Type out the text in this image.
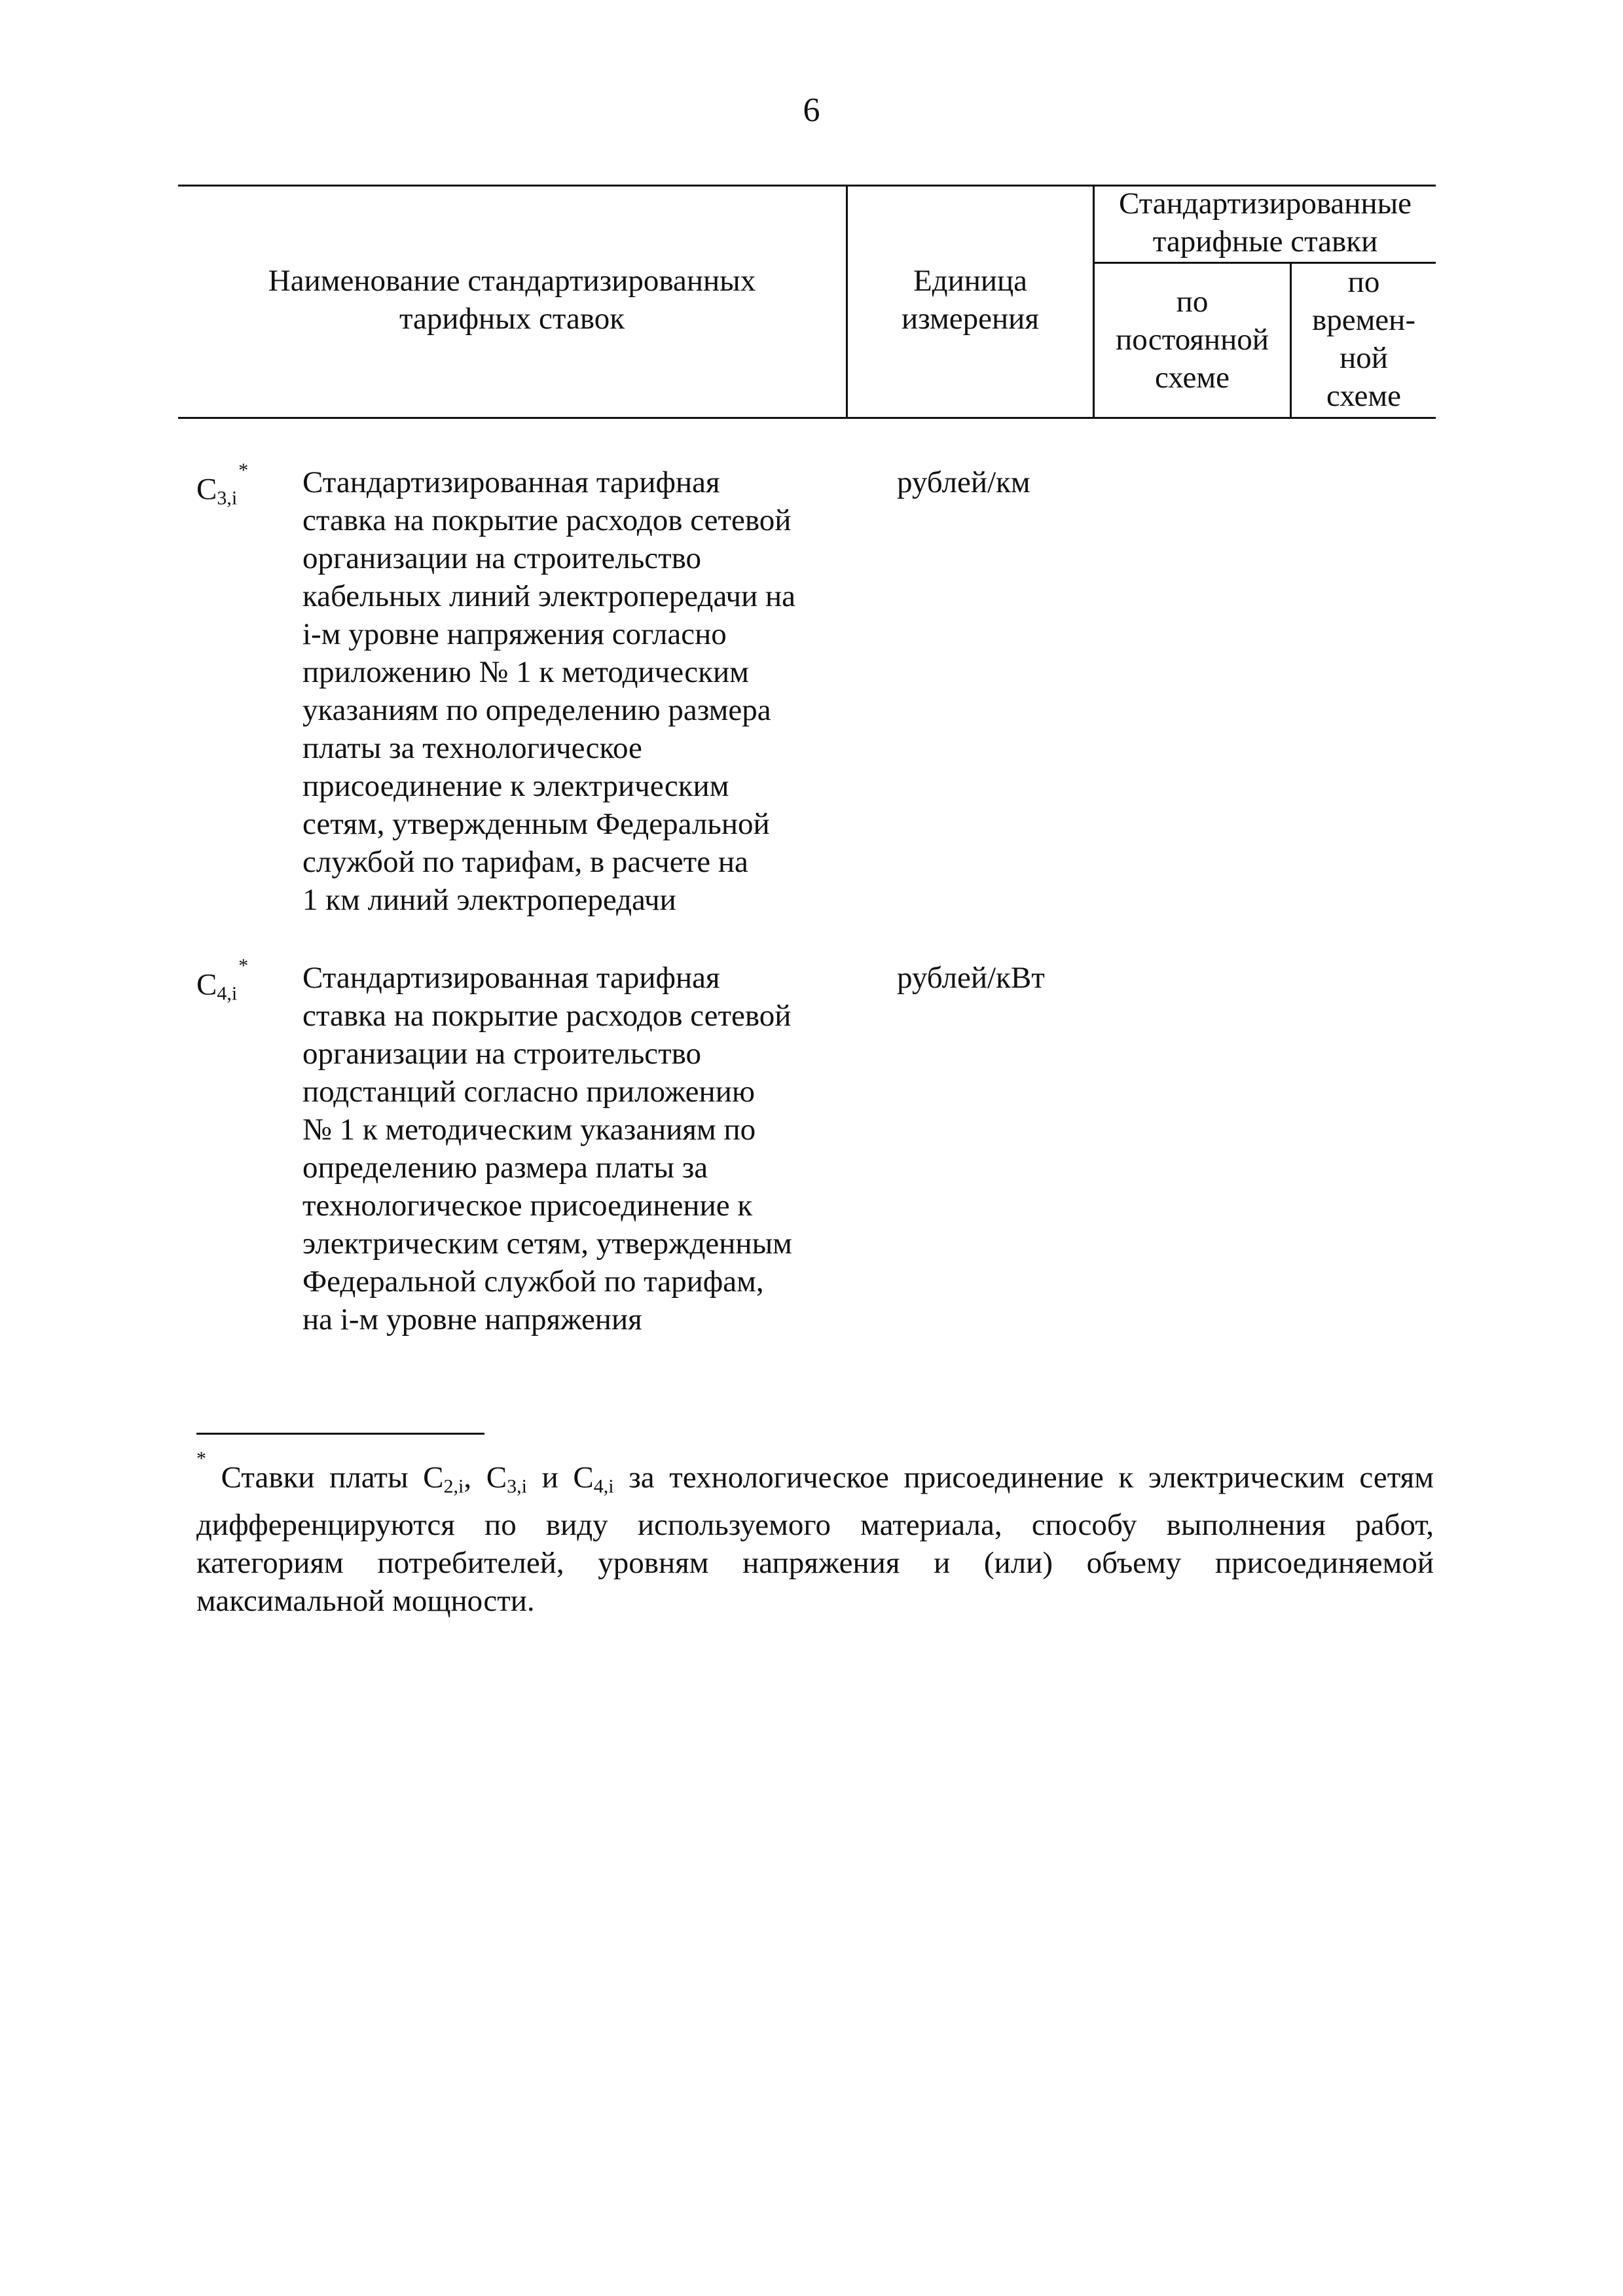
6
Наименование стандартизированных
тарифных ставок
Единица
измерения
Стандартизированные
тарифные ставки
по
постоянной
схеме
по
времен-
ной
схеме
$C_{3,i}^*$ Стандартизированная тарифная
ставка на покрытие расходов сетевой
организации на строительство
кабельных линий электропередачи на
i-м уровне напряжения согласно
приложению № 1 к методическим
указаниям по определению размера
платы за технологическое
присоединение к электрическим
сетям, утвержденным Федеральной
службой по тарифам, в расчете на
1 км линий электропередачи
рублей/км
$C_{4,i}^*$ Стандартизированная тарифная
ставка на покрытие расходов сетевой
организации на строительство
подстанций согласно приложению
№ 1 к методическим указаниям по
определению размера платы за
технологическое присоединение к
электрическим сетям, утвержденным
Федеральной службой по тарифам,
на i-м уровне напряжения
рублей/кВт
* Ставки платы $C_{2,i}$, $C_{3,i}$ и $C_{4,i}$ за технологическое присоединение к электрическим сетям
дифференцируются по виду используемого материала, способу выполнения работ,
категориям потребителей, уровням напряжения и (или) объему присоединяемой
максимальной мощности.
